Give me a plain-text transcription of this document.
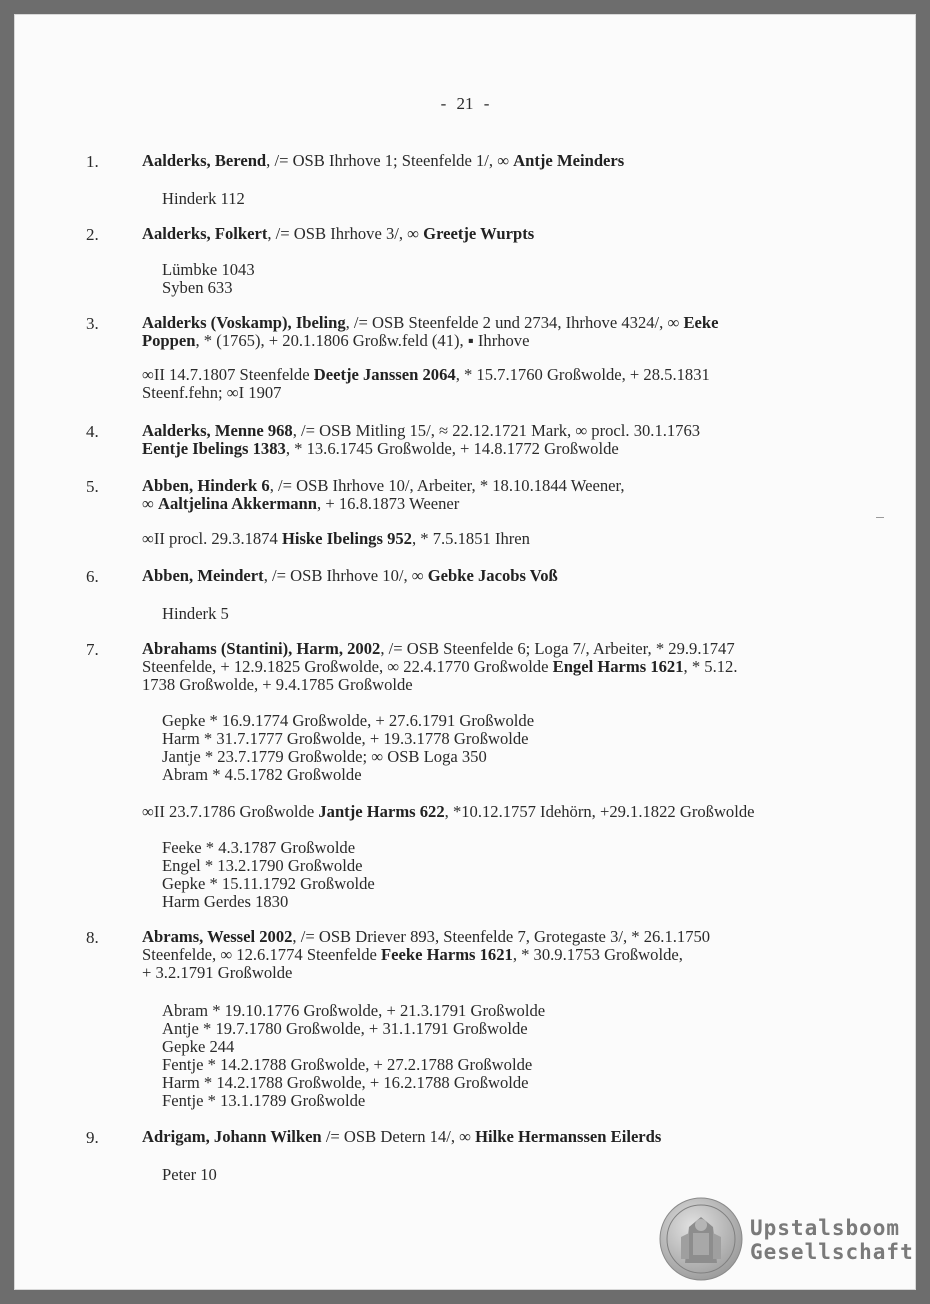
- 21 -
1.	Aalderks, Berend, /= OSB Ihrhove 1; Steenfelde 1/, ∞ Antje Meinders
Hinderk 112
2.	Aalderks, Folkert, /= OSB Ihrhove 3/, ∞ Greetje Wurpts
Lümbke 1043
Syben 633
3.	Aalderks (Voskamp), Ibeling, /= OSB Steenfelde 2 und 2734, Ihrhove 4324/, ∞ Eeke
Poppen, * (1765), + 20.1.1806 Großw.feld (41), ▪ Ihrhove
∞II 14.7.1807 Steenfelde Deetje Janssen 2064, * 15.7.1760 Großwolde, + 28.5.1831
Steenf.fehn; ∞I 1907
4.	Aalderks, Menne 968, /= OSB Mitling 15/, ≈ 22.12.1721 Mark, ∞ procl. 30.1.1763
Eentje Ibelings 1383, * 13.6.1745 Großwolde, + 14.8.1772 Großwolde
5.	Abben, Hinderk 6, /= OSB Ihrhove 10/, Arbeiter, * 18.10.1844 Weener,
∞ Aaltjelina Akkermann, + 16.8.1873 Weener
∞II procl. 29.3.1874 Hiske Ibelings 952, * 7.5.1851 Ihren
6.	Abben, Meindert, /= OSB Ihrhove 10/, ∞ Gebke Jacobs Voß
Hinderk 5
7.	Abrahams (Stantini), Harm, 2002, /= OSB Steenfelde 6; Loga 7/, Arbeiter, * 29.9.1747
Steenfelde, + 12.9.1825 Großwolde, ∞ 22.4.1770 Großwolde Engel Harms 1621, * 5.12.
1738 Großwolde, + 9.4.1785 Großwolde
Gepke * 16.9.1774 Großwolde, + 27.6.1791 Großwolde
Harm * 31.7.1777 Großwolde, + 19.3.1778 Großwolde
Jantje * 23.7.1779 Großwolde; ∞ OSB Loga 350
Abram * 4.5.1782 Großwolde
∞II 23.7.1786 Großwolde Jantje Harms 622, *10.12.1757 Idehörn, +29.1.1822 Großwolde
Feeke * 4.3.1787 Großwolde
Engel * 13.2.1790 Großwolde
Gepke * 15.11.1792 Großwolde
Harm Gerdes 1830
8.	Abrams, Wessel 2002, /= OSB Driever 893, Steenfelde 7, Grotegaste 3/, * 26.1.1750
Steenfelde, ∞ 12.6.1774 Steenfelde Feeke Harms 1621, * 30.9.1753 Großwolde,
+ 3.2.1791 Großwolde
Abram * 19.10.1776 Großwolde, + 21.3.1791 Großwolde
Antje * 19.7.1780 Großwolde, + 31.1.1791 Großwolde
Gepke 244
Fentje * 14.2.1788 Großwolde, + 27.2.1788 Großwolde
Harm * 14.2.1788 Großwolde, + 16.2.1788 Großwolde
Fentje * 13.1.1789 Großwolde
9.	Adrigam, Johann Wilken /= OSB Detern 14/, ∞ Hilke Hermanssen Eilerds
Peter 10
Upstalsboom
Gesellschaft
